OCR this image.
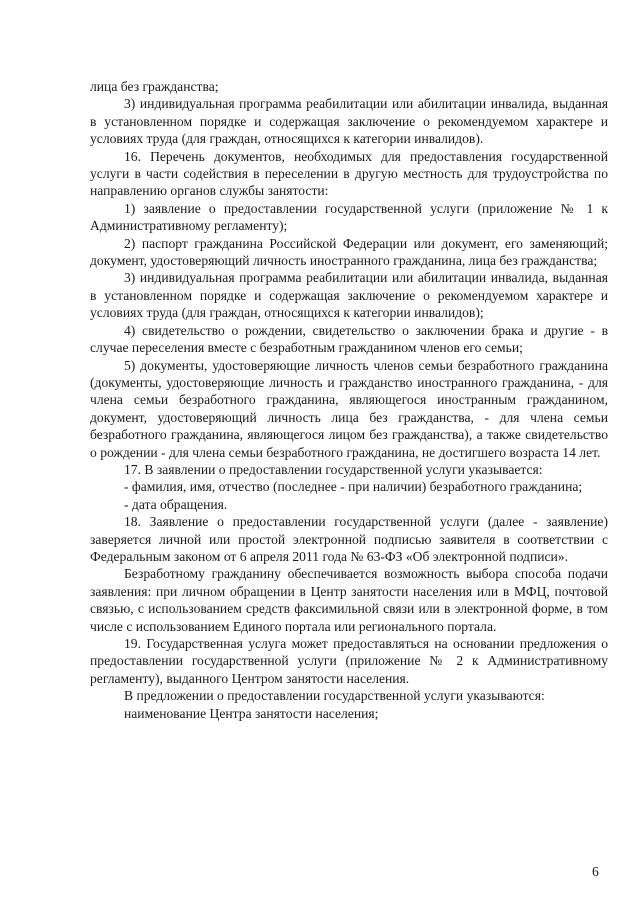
лица без гражданства;

3) индивидуальная программа реабилитации или абилитации инвалида, выданная в установленном порядке и содержащая заключение о рекомендуемом характере и условиях труда (для граждан, относящихся к категории инвалидов).

16. Перечень документов, необходимых для предоставления государственной услуги в части содействия в переселении в другую местность для трудоустройства по направлению органов службы занятости:

1) заявление о предоставлении государственной услуги (приложение № 1 к Административному регламенту);

2) паспорт гражданина Российской Федерации или документ, его заменяющий; документ, удостоверяющий личность иностранного гражданина, лица без гражданства;

3) индивидуальная программа реабилитации или абилитации инвалида, выданная в установленном порядке и содержащая заключение о рекомендуемом характере и условиях труда (для граждан, относящихся к категории инвалидов);

4) свидетельство о рождении, свидетельство о заключении брака и другие - в случае переселения вместе с безработным гражданином членов его семьи;

5) документы, удостоверяющие личность членов семьи безработного гражданина (документы, удостоверяющие личность и гражданство иностранного гражданина, - для члена семьи безработного гражданина, являющегося иностранным гражданином, документ, удостоверяющий личность лица без гражданства, - для члена семьи безработного гражданина, являющегося лицом без гражданства), а также свидетельство о рождении - для члена семьи безработного гражданина, не достигшего возраста 14 лет.

17. В заявлении о предоставлении государственной услуги указывается:

- фамилия, имя, отчество (последнее - при наличии) безработного гражданина;

- дата обращения.

18. Заявление о предоставлении государственной услуги (далее - заявление) заверяется личной или простой электронной подписью заявителя в соответствии с Федеральным законом от 6 апреля 2011 года № 63-ФЗ «Об электронной подписи».

Безработному гражданину обеспечивается возможность выбора способа подачи заявления: при личном обращении в Центр занятости населения или в МФЦ, почтовой связью, с использованием средств факсимильной связи или в электронной форме, в том числе с использованием Единого портала или регионального портала.

19. Государственная услуга может предоставляться на основании предложения о предоставлении государственной услуги (приложение № 2 к Административному регламенту), выданного Центром занятости населения.

В предложении о предоставлении государственной услуги указываются:

наименование Центра занятости населения;

6
